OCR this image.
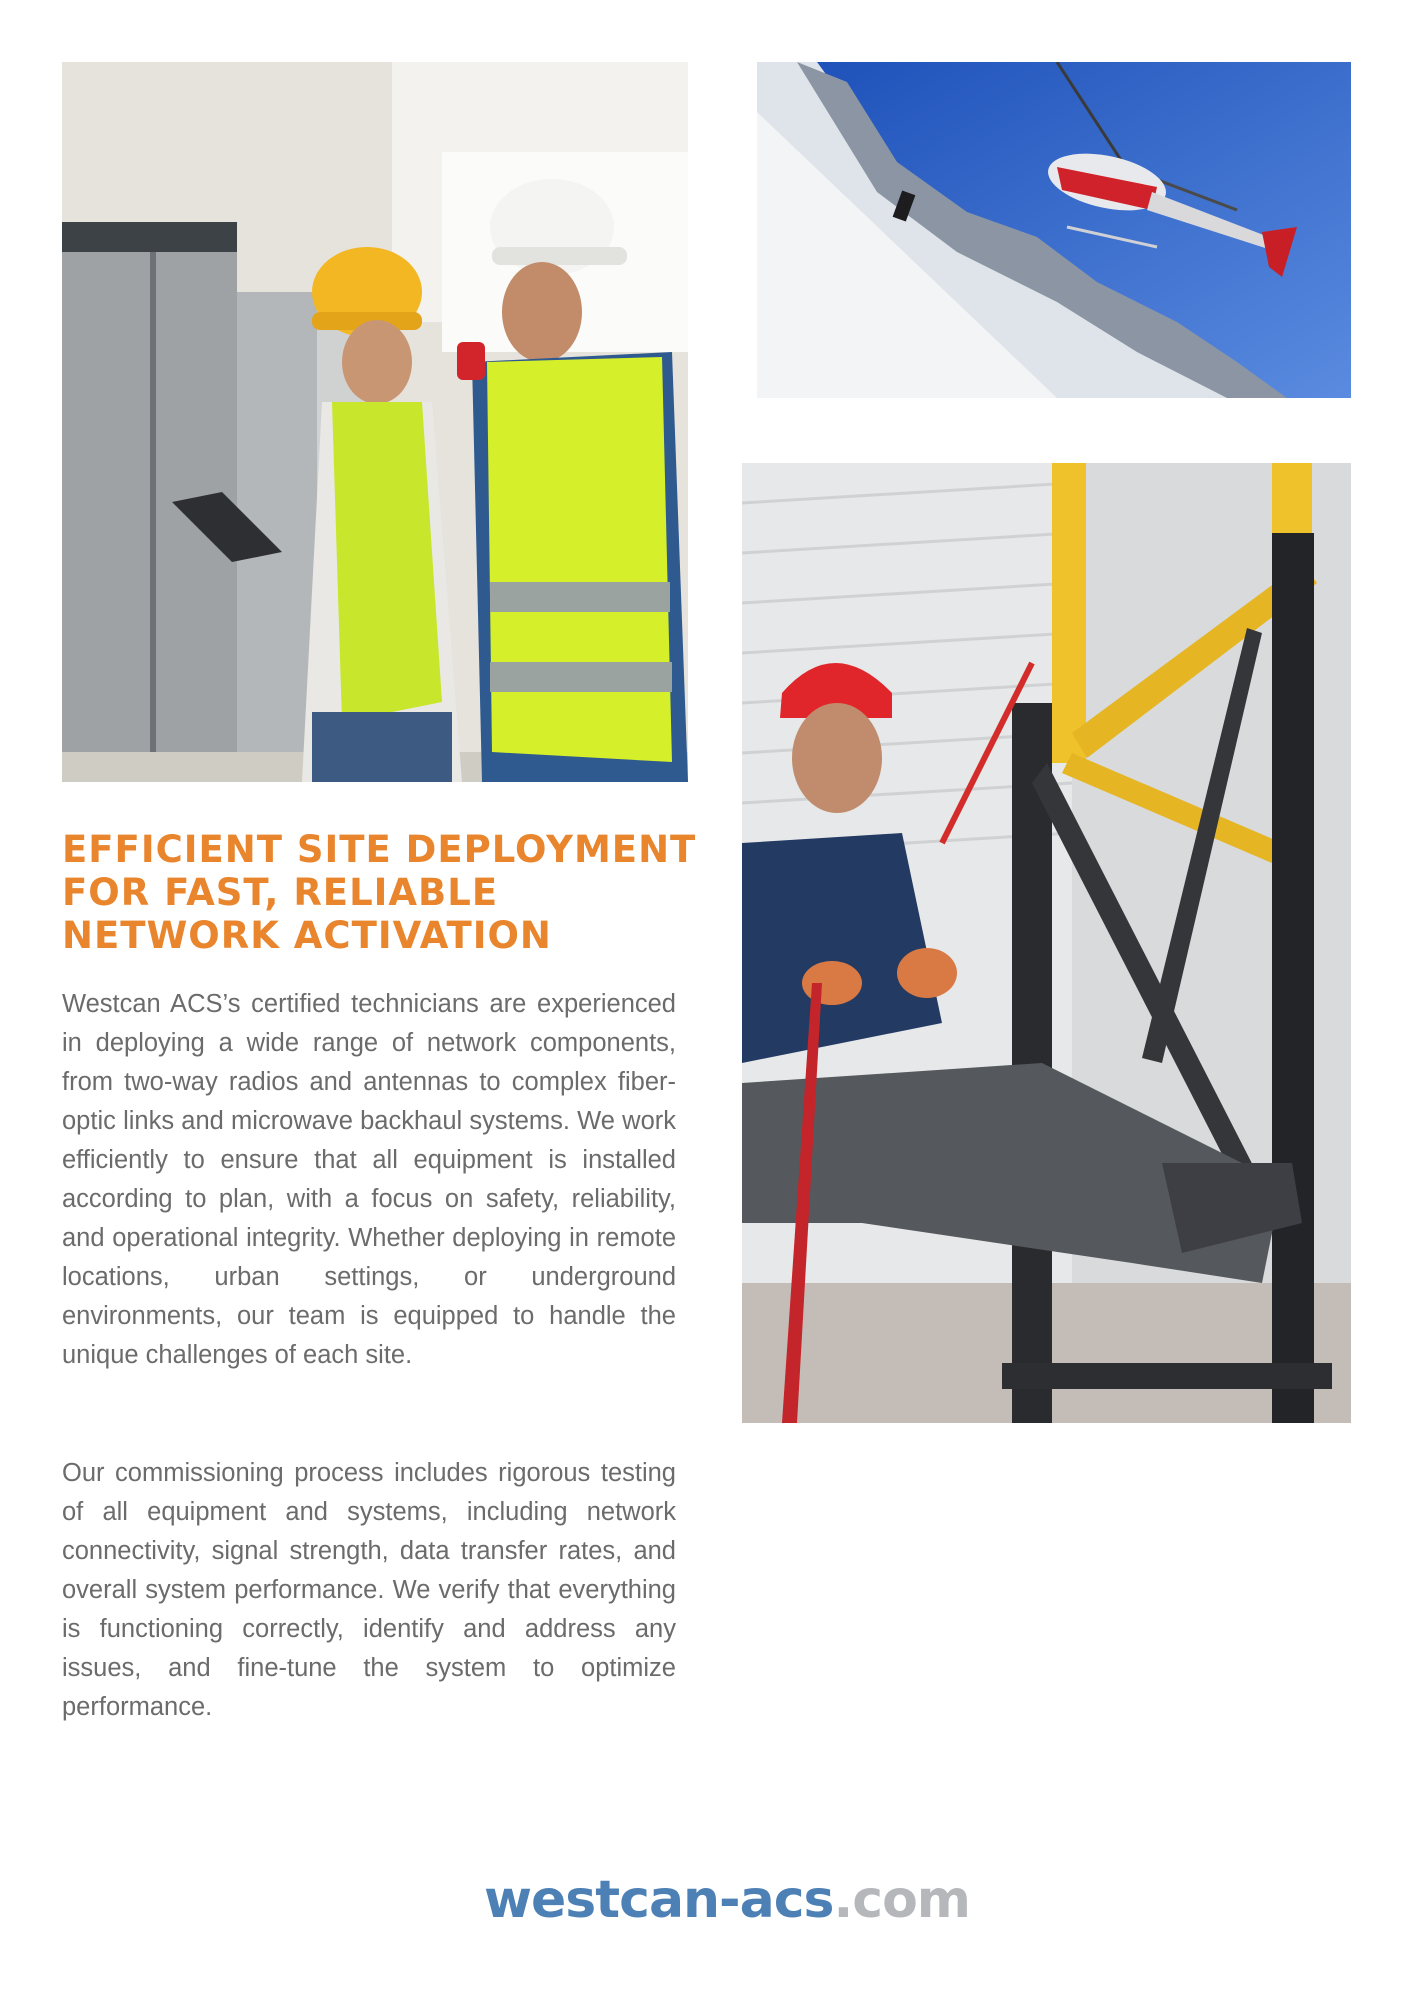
EFFICIENT SITE DEPLOYMENT
FOR FAST, RELIABLE
NETWORK ACTIVATION

Westcan ACS’s certified technicians are experienced in deploying a wide range of network components, from two-way radios and antennas to complex fiber-optic links and microwave backhaul systems. We work efficiently to ensure that all equipment is installed according to plan, with a focus on safety, reliability, and operational integrity. Whether deploying in remote locations, urban settings, or underground environments, our team is equipped to handle the unique challenges of each site.

Our commissioning process includes rigorous testing of all equipment and systems, including network connectivity, signal strength, data transfer rates, and overall system performance. We verify that everything is functioning correctly, identify and address any issues, and fine-tune the system to optimize performance.

westcan-acs.com
